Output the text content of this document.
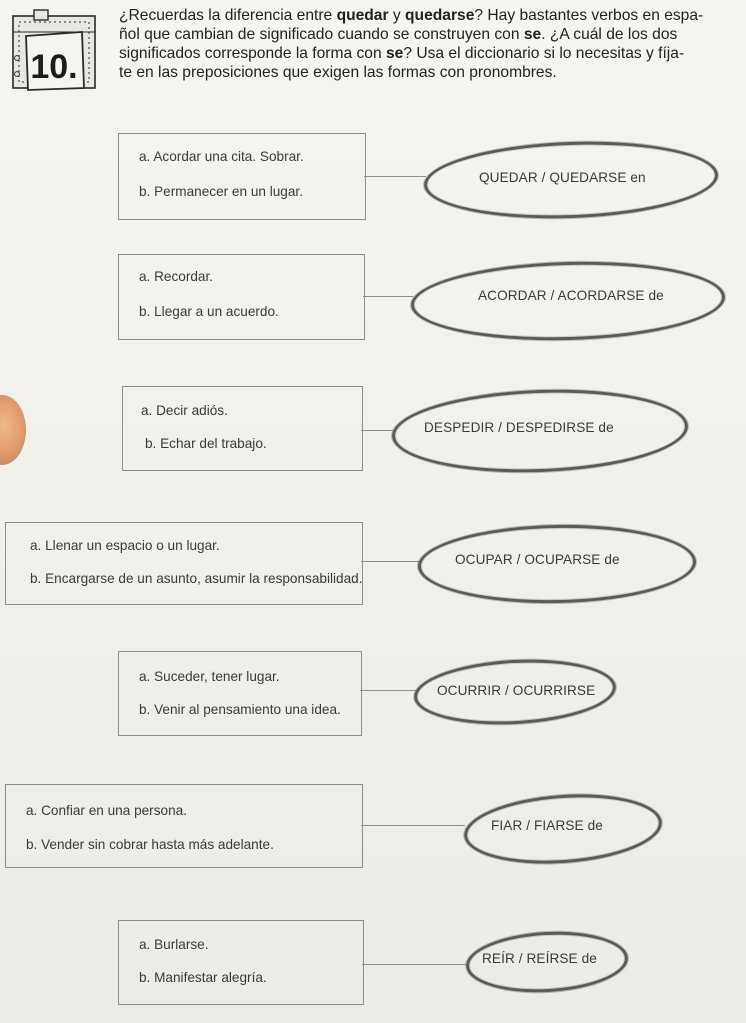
10.

¿Recuerdas la diferencia entre quedar y quedarse? Hay bastantes verbos en espa-

ñol que cambian de significado cuando se construyen con se. ¿A cuál de los dos

significados corresponde la forma con se? Usa el diccionario si lo necesitas y fíja-

te en las preposiciones que exigen las formas con pronombres.

a. Acordar una cita. Sobrar.
b. Permanecer en un lugar.
QUEDAR / QUEDARSE en
a. Recordar.
b. Llegar a un acuerdo.
ACORDAR / ACORDARSE de
a. Decir adiós.
b. Echar del trabajo.
DESPEDIR / DESPEDIRSE de
a. Llenar un espacio o un lugar.
b. Encargarse de un asunto, asumir la responsabilidad.
OCUPAR / OCUPARSE de
a. Suceder, tener lugar.
b. Venir al pensamiento una idea.
OCURRIR / OCURRIRSE
a. Confiar en una persona.
b. Vender sin cobrar hasta más adelante.
FIAR / FIARSE de
a. Burlarse.
b. Manifestar alegría.
REÍR / REÍRSE de
